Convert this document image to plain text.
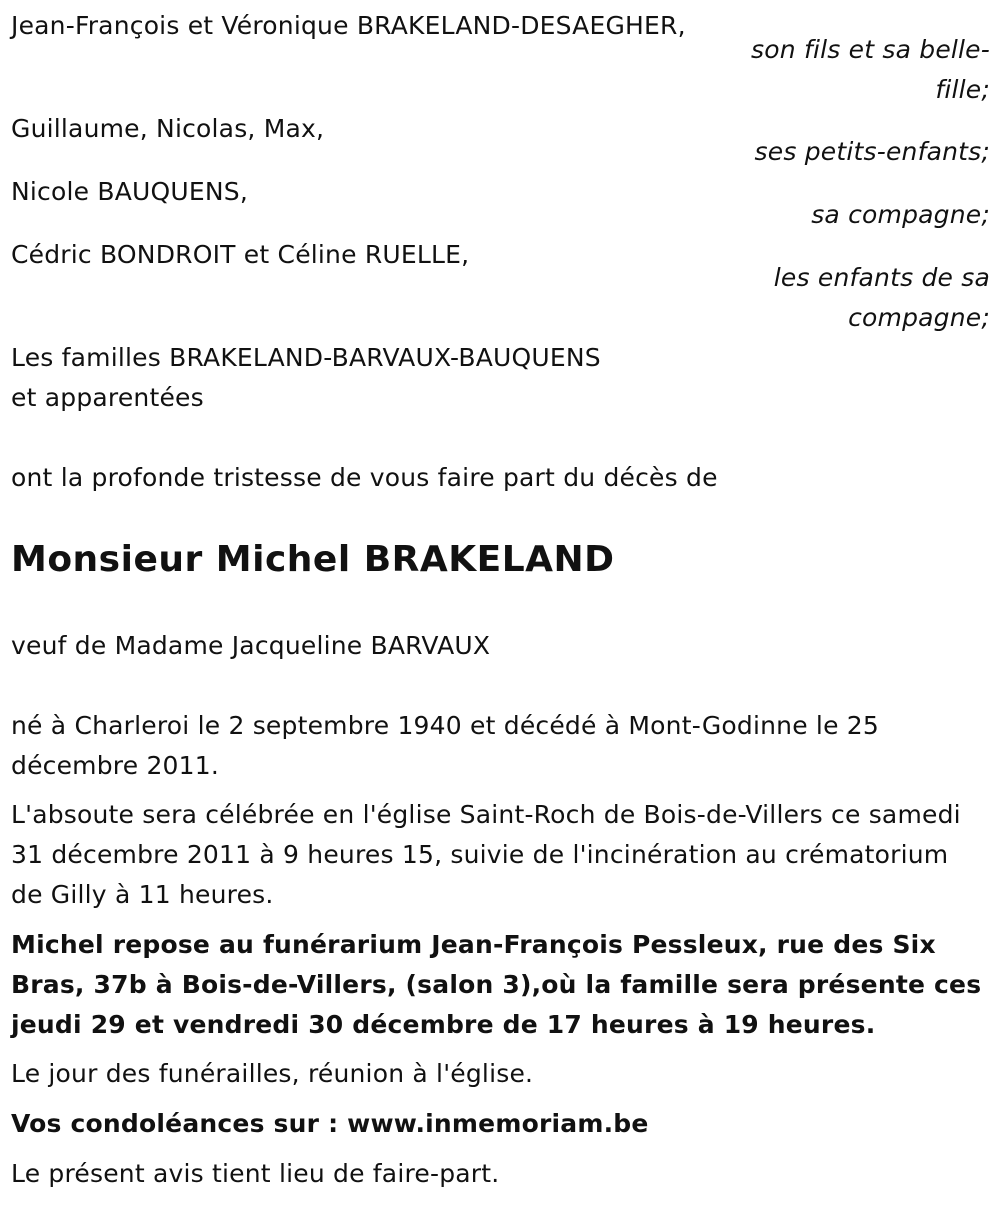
Jean-François et Véronique BRAKELAND-DESAEGHER,

son fils et sa belle-fille;

Guillaume, Nicolas, Max,

ses petits-enfants;

Nicole BAUQUENS,

sa compagne;

Cédric BONDROIT et Céline RUELLE,

les enfants de sa compagne;

Les familles BRAKELAND-BARVAUX-BAUQUENS

et apparentées

ont la profonde tristesse de vous faire part du décès de

Monsieur Michel BRAKELAND

veuf de Madame Jacqueline BARVAUX

né à Charleroi le 2 septembre 1940 et décédé à Mont-Godinne le 25 décembre 2011.

L'absoute sera célébrée en l'église Saint-Roch de Bois-de-Villers ce samedi 31 décembre 2011 à 9 heures 15, suivie de l'incinération au crématorium de Gilly à 11 heures.

Michel repose au funérarium Jean-François Pessleux, rue des Six Bras, 37b à Bois-de-Villers, (salon 3),où la famille sera présente ces jeudi 29 et vendredi 30 décembre de 17 heures à 19 heures.

Le jour des funérailles, réunion à l'église.

Vos condoléances sur : www.inmemoriam.be

Le présent avis tient lieu de faire-part.
